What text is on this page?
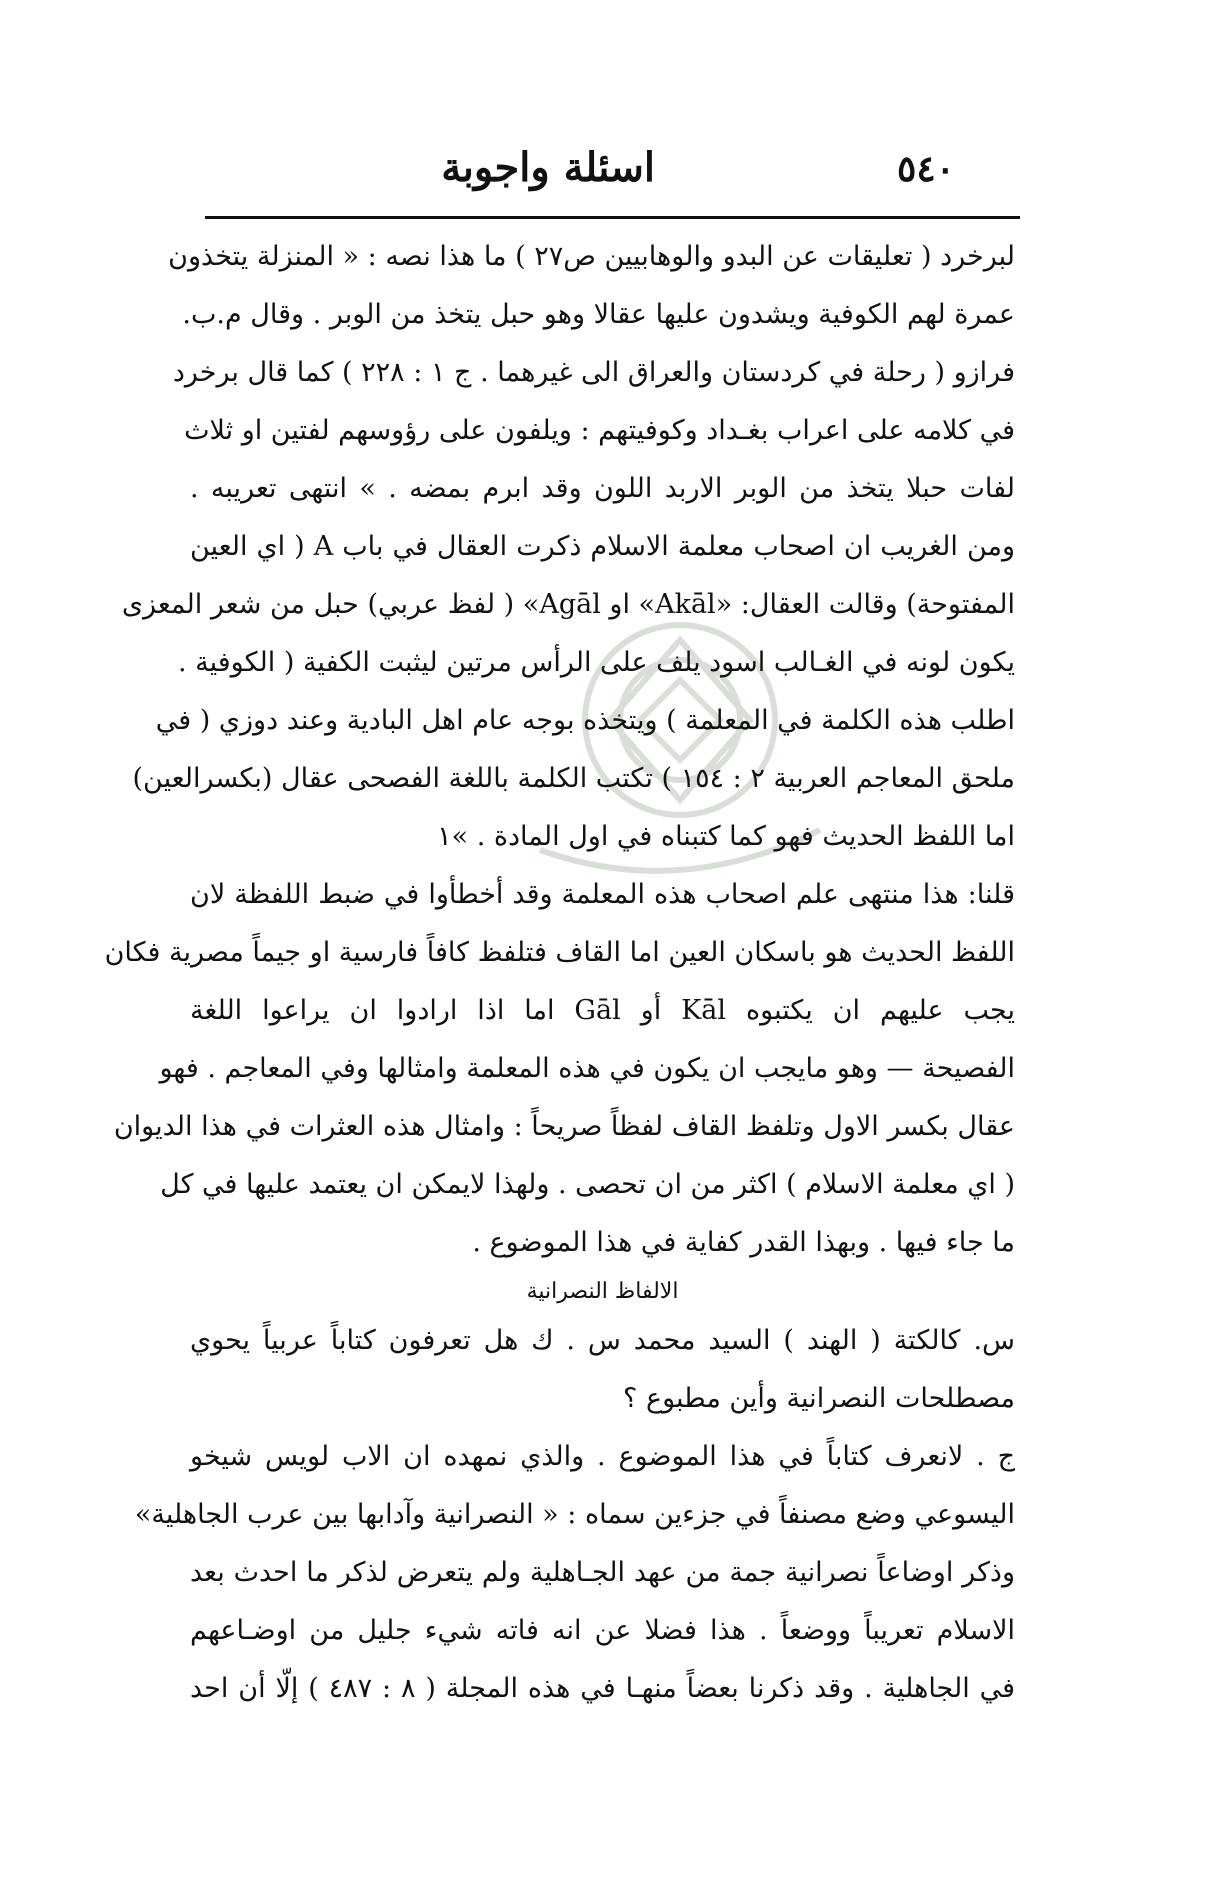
٥٤٠
اسئلة واجوبة
لبرخرد ( تعليقات عن البدو والوهابيين ص٢٧ ) ما هذا نصه : « المنزلة يتخذون
عمرة لهم الكوفية ويشدون عليها عقالا وهو حبل يتخذ من الوبر . وقال م.ب.
فرازو ( رحلة في كردستان والعراق الى غيرهما . ج ١ : ٢٢٨ ) كما قال برخرد
في كلامه على اعراب بغـداد وكوفيتهم : ويلفون على رؤوسهم لفتين او ثلاث
لفات حبلا يتخذ من الوبر الاربد اللون وقد ابرم بمضه . » انتهى تعريبه .
ومن الغريب ان اصحاب معلمة الاسلام ذكرت العقال في باب A ( اي العين
المفتوحة) وقالت العقال: «Akāl» او Agāl» ( لفظ عربي) حبل من شعر المعزى
يكون لونه في الغـالب اسود يلف على الرأس مرتين ليثبت الكفية ( الكوفية .
اطلب هذه الكلمة في المعلمة ) ويتخذه بوجه عام اهل البادية وعند دوزي ( في
ملحق المعاجم العربية ٢ : ١٥٤ ) تكتب الكلمة باللغة الفصحى عقال (بكسرالعين)
اما اللفظ الحديث فهو كما كتبناه في اول المادة . »١
قلنا: هذا منتهى علم اصحاب هذه المعلمة وقد أخطأوا في ضبط اللفظة لان
اللفظ الحديث هو باسكان العين اما القاف فتلفظ كافاً فارسية او جيماً مصرية فكان
يجب عليهم ان يكتبوه Kāl أو Gāl اما اذا ارادوا ان يراعوا اللغة
الفصيحة — وهو مايجب ان يكون في هذه المعلمة وامثالها وفي المعاجم . فهو
عقال بكسر الاول وتلفظ القاف لفظاً صريحاً : وامثال هذه العثرات في هذا الديوان
( اي معلمة الاسلام ) اكثر من ان تحصى . ولهذا لايمكن ان يعتمد عليها في كل
ما جاء فيها . وبهذا القدر كفاية في هذا الموضوع .
الالفاظ النصرانية
س. كالكتة ( الهند ) السيد محمد س . ك هل تعرفون كتاباً عربياً يحوي
مصطلحات النصرانية وأين مطبوع ؟
ج . لانعرف كتاباً في هذا الموضوع . والذي نمهده ان الاب لويس شيخو
اليسوعي وضع مصنفاً في جزءين سماه : « النصرانية وآدابها بين عرب الجاهلية»
وذكر اوضاعاً نصرانية جمة من عهد الجـاهلية ولم يتعرض لذكر ما احدث بعد
الاسلام تعريباً ووضعاً . هذا فضلا عن انه فاته شيء جليل من اوضـاعهم
في الجاهلية . وقد ذكرنا بعضاً منهـا في هذه المجلة ( ٨ : ٤٨٧ ) إلّا أن احد
